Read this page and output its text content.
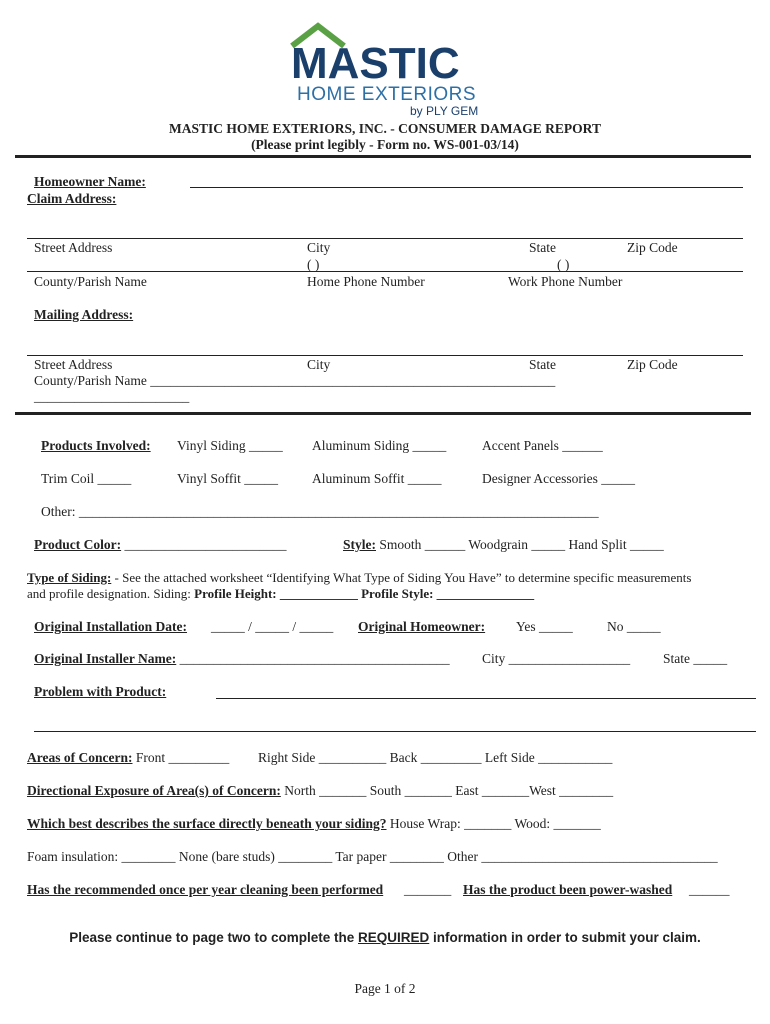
MASTIC
HOME EXTERIORS
by PLY GEM
MASTIC HOME EXTERIORS, INC. - CONSUMER DAMAGE REPORT
(Please print legibly - Form no. WS-001-03/14)
Homeowner Name:
Claim Address:
Street Address	City	State	Zip Code
( )	( )
County/Parish Name	Home Phone Number	Work Phone Number
Mailing Address:
Street Address	City	State	Zip Code
County/Parish Name ____________________________________________________________
_______________________
Products Involved: Vinyl Siding _____ Aluminum Siding _____	Accent Panels ______
Trim Coil _____	Vinyl Soffit _____	Aluminum Soffit _____	Designer Accessories _____
Other: _____________________________________________________________________________
Product Color: ________________________	Style: Smooth ______ Woodgrain _____ Hand Split _____
Type of Siding: - See the attached worksheet “Identifying What Type of Siding You Have” to determine specific measurements
and profile designation. Siding: Profile Height: ____________ Profile Style: _______________
Original Installation Date: _____ / _____ / _____ Original Homeowner: Yes _____	No _____
Original Installer Name: ________________________________________ City __________________ State _____
Problem with Product:
Areas of Concern: Front _________ Right Side __________ Back _________ Left Side ___________
Directional Exposure of Area(s) of Concern: North _______ South _______ East _______West ________
Which best describes the surface directly beneath your siding? House Wrap: _______ Wood: _______
Foam insulation: ________ None (bare studs) ________ Tar paper ________ Other ___________________________________
Has the recommended once per year cleaning been performed _______ Has the product been power-washed ______
Please continue to page two to complete the REQUIRED information in order to submit your claim.
Page 1 of 2
